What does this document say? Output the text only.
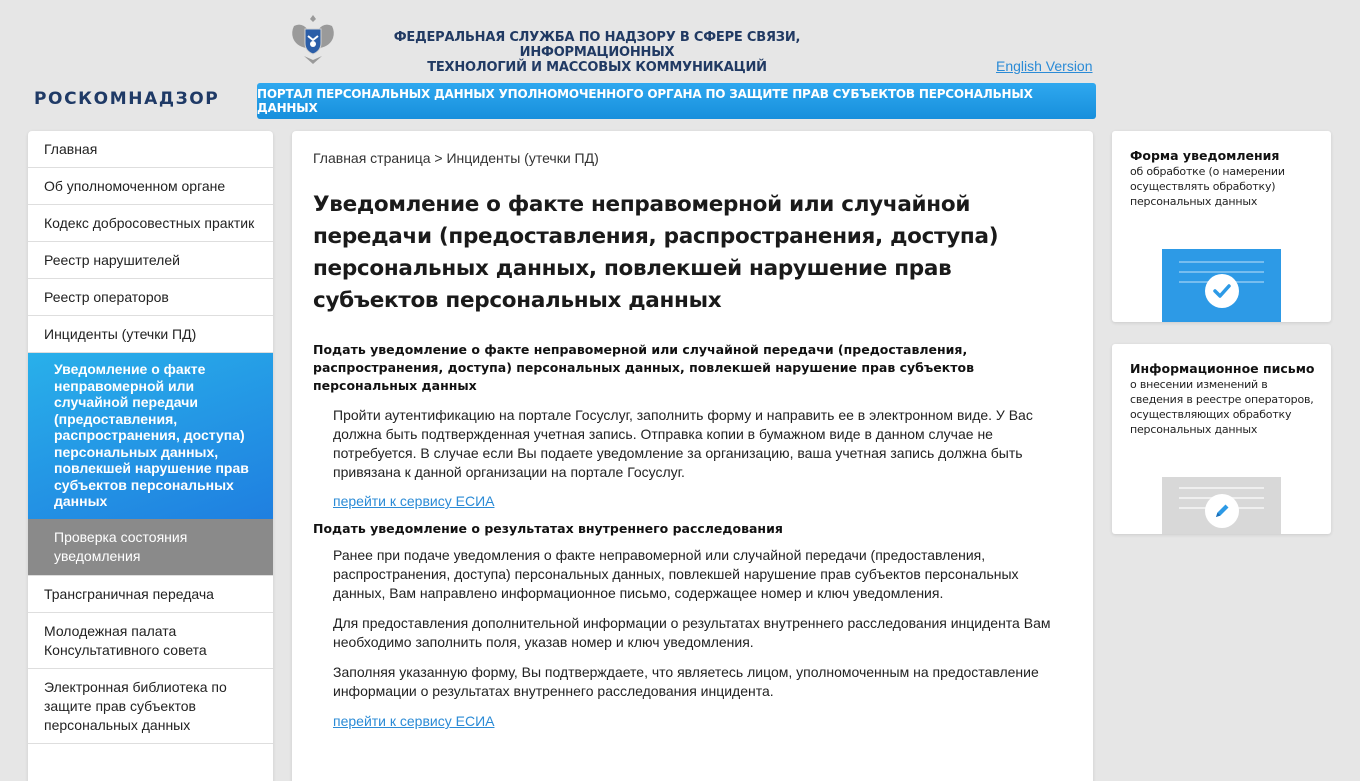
ФЕДЕРАЛЬНАЯ СЛУЖБА ПО НАДЗОРУ В СФЕРЕ СВЯЗИ, ИНФОРМАЦИОННЫХ
ТЕХНОЛОГИЙ И МАССОВЫХ КОММУНИКАЦИЙ	English Version
РОСКОМНАДЗОР	ПОРТАЛ ПЕРСОНАЛЬНЫХ ДАННЫХ УПОЛНОМОЧЕННОГО ОРГАНА ПО ЗАЩИТЕ ПРАВ СУБЪЕКТОВ ПЕРСОНАЛЬНЫХ ДАННЫХ
Главная
Об уполномоченном органе
Кодекс добросовестных практик
Реестр нарушителей
Реестр операторов
Инциденты (утечки ПД)
Уведомление о факте неправомерной или случайной передачи (предоставления, распространения, доступа) персональных данных, повлекшей нарушение прав субъектов персональных данных
Проверка состояния уведомления
Трансграничная передача
Молодежная палата Консультативного совета
Электронная библиотека по защите прав субъектов персональных данных
Главная страница > Инциденты (утечки ПД)
Уведомление о факте неправомерной или случайной передачи (предоставления, распространения, доступа) персональных данных, повлекшей нарушение прав субъектов персональных данных
Подать уведомление о факте неправомерной или случайной передачи (предоставления, распространения, доступа) персональных данных, повлекшей нарушение прав субъектов персональных данных

Пройти аутентификацию на портале Госуслуг, заполнить форму и направить ее в электронном виде. У Вас должна быть подтвержденная учетная запись. Отправка копии в бумажном виде в данном случае не потребуется. В случае если Вы подаете уведомление за организацию, ваша учетная запись должна быть привязана к данной организации на портале Госуслуг.

перейти к сервису ЕСИА
Подать уведомление о результатах внутреннего расследования

Ранее при подаче уведомления о факте неправомерной или случайной передачи (предоставления, распространения, доступа) персональных данных, повлекшей нарушение прав субъектов персональных данных, Вам направлено информационное письмо, содержащее номер и ключ уведомления.

Для предоставления дополнительной информации о результатах внутреннего расследования инцидента Вам необходимо заполнить поля, указав номер и ключ уведомления.

Заполняя указанную форму, Вы подтверждаете, что являетесь лицом, уполномоченным на предоставление информации о результатах внутреннего расследования инцидента.

перейти к сервису ЕСИА
Форма уведомления
об обработке (о намерении осуществлять обработку) персональных данных
Информационное письмо
о внесении изменений в сведения в реестре операторов, осуществляющих обработку персональных данных
